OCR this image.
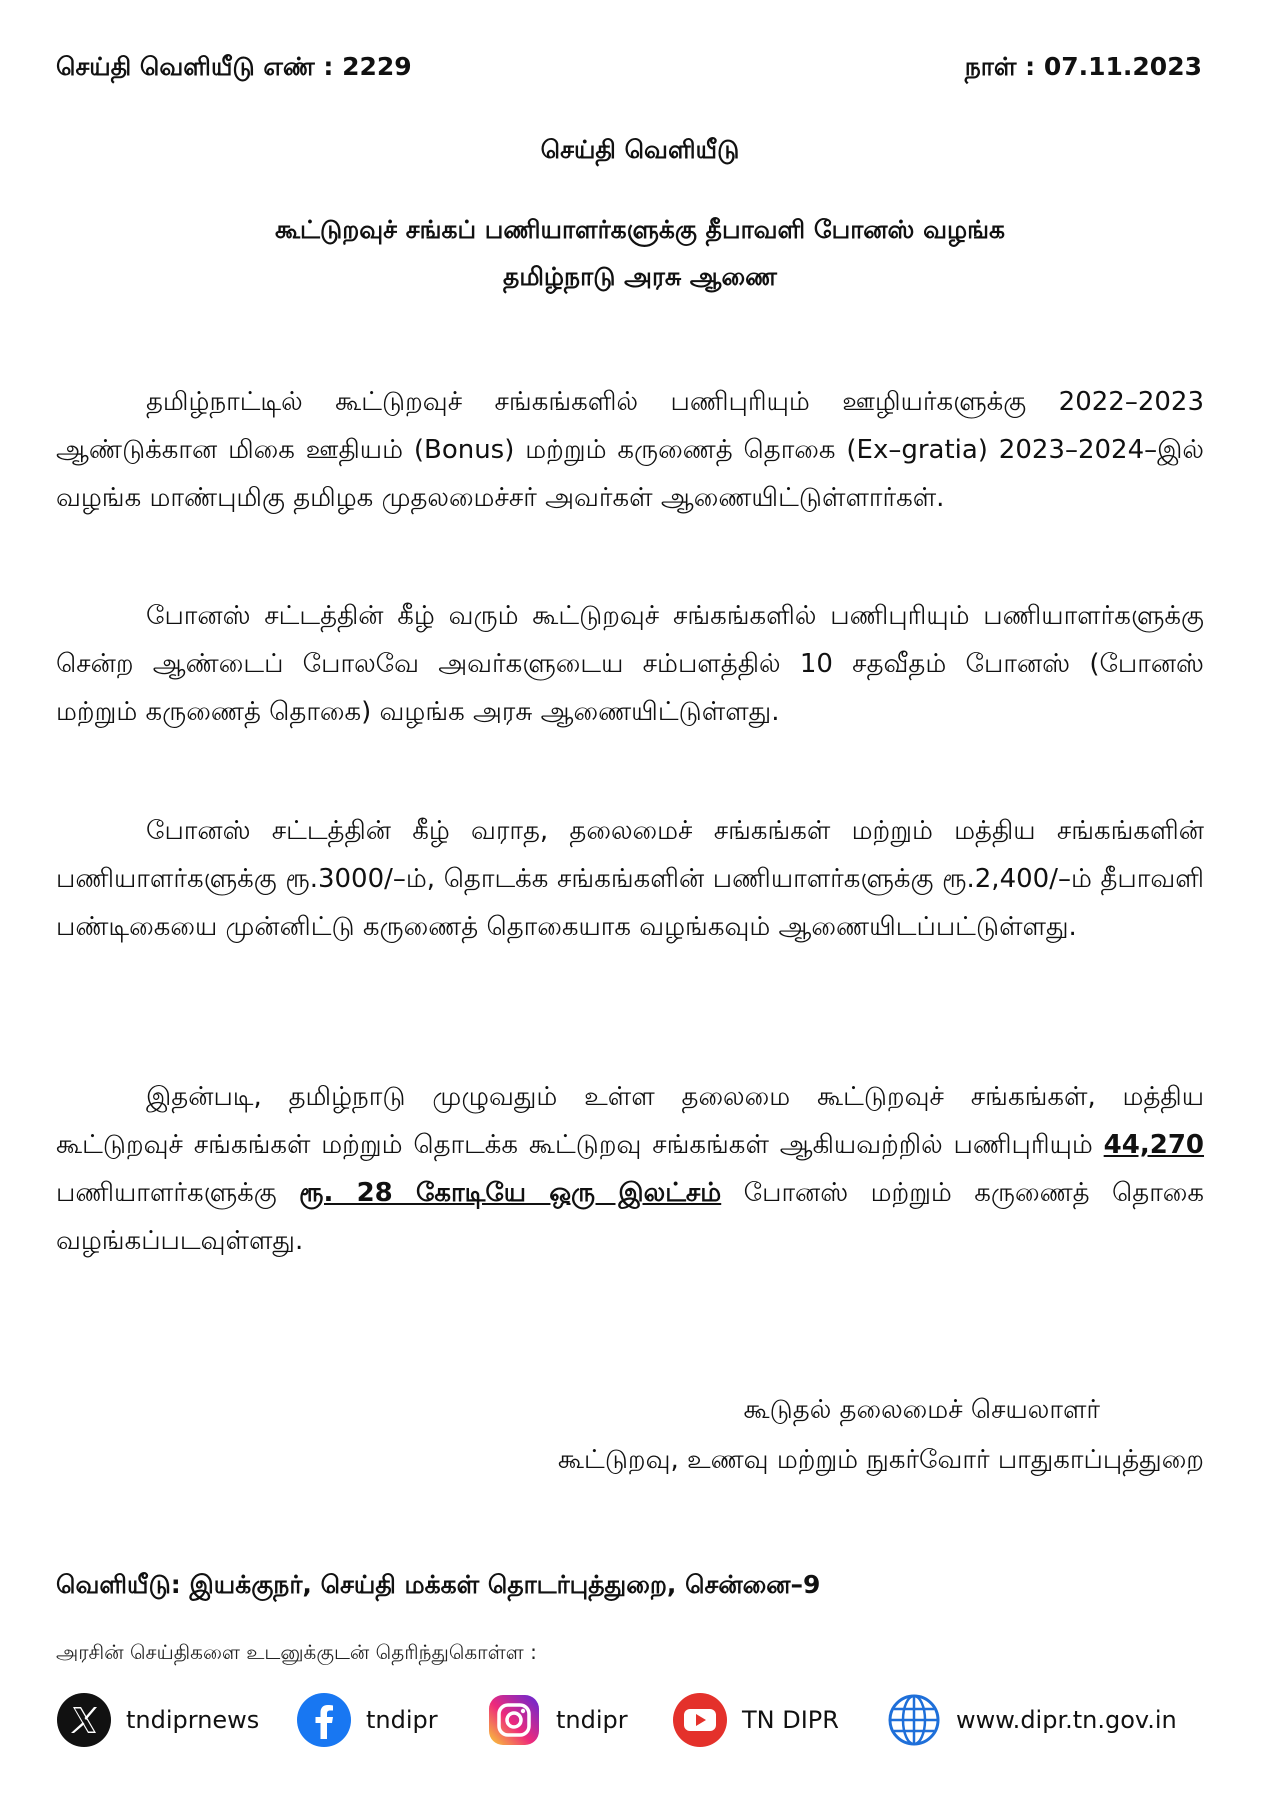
செய்தி வெளியீடு எண் : 2229	நாள் : 07.11.2023
செய்தி வெளியீடு
கூட்டுறவுச் சங்கப் பணியாளர்களுக்கு தீபாவளி போனஸ் வழங்க
தமிழ்நாடு அரசு ஆணை

தமிழ்நாட்டில் கூட்டுறவுச் சங்கங்களில் பணிபுரியும் ஊழியர்களுக்கு 2022–2023 ஆண்டுக்கான மிகை ஊதியம் (Bonus) மற்றும் கருணைத் தொகை (Ex–gratia) 2023–2024–இல் வழங்க மாண்புமிகு தமிழக முதலமைச்சர் அவர்கள் ஆணையிட்டுள்ளார்கள்.

போனஸ் சட்டத்தின் கீழ் வரும் கூட்டுறவுச் சங்கங்களில் பணிபுரியும் பணியாளர்களுக்கு சென்ற ஆண்டைப் போலவே அவர்களுடைய சம்பளத்தில் 10 சதவீதம் போனஸ் (போனஸ் மற்றும் கருணைத் தொகை) வழங்க அரசு ஆணையிட்டுள்ளது.

போனஸ் சட்டத்தின் கீழ் வராத, தலைமைச் சங்கங்கள் மற்றும் மத்திய சங்கங்களின் பணியாளர்களுக்கு ரூ.3000/–ம், தொடக்க சங்கங்களின் பணியாளர்களுக்கு ரூ.2,400/–ம் தீபாவளி பண்டிகையை முன்னிட்டு கருணைத் தொகையாக வழங்கவும் ஆணையிடப்பட்டுள்ளது.

இதன்படி, தமிழ்நாடு முழுவதும் உள்ள தலைமை கூட்டுறவுச் சங்கங்கள், மத்திய கூட்டுறவுச் சங்கங்கள் மற்றும் தொடக்க கூட்டுறவு சங்கங்கள் ஆகியவற்றில் பணிபுரியும் 44,270 பணியாளர்களுக்கு ரூ. 28 கோடியே ஒரு இலட்சம் போனஸ் மற்றும் கருணைத் தொகை வழங்கப்படவுள்ளது.

கூடுதல் தலைமைச் செயலாளர்
கூட்டுறவு, உணவு மற்றும் நுகர்வோர் பாதுகாப்புத்துறை
வெளியீடு: இயக்குநர், செய்தி மக்கள் தொடர்புத்துறை, சென்னை–9
அரசின் செய்திகளை உடனுக்குடன் தெரிந்துகொள்ள :
tndiprnews	tndipr	tndipr	TN DIPR	www.dipr.tn.gov.in
